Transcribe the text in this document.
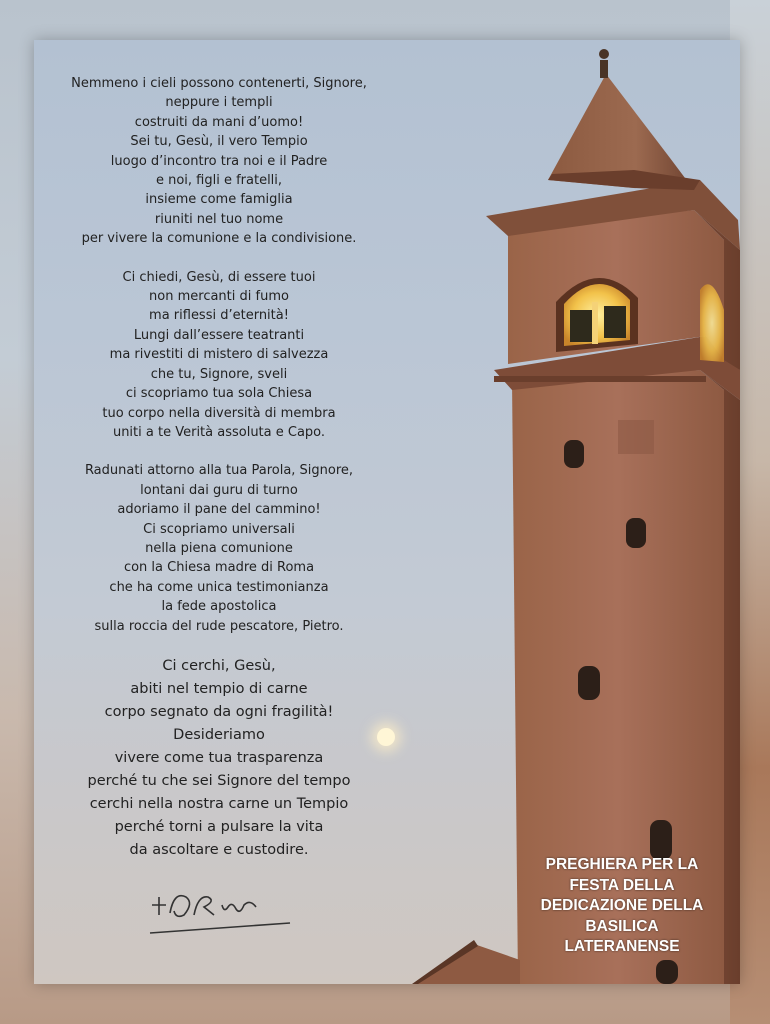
Nemmeno i cieli possono contenerti, Signore,
neppure i templi
costruiti da mani d’uomo!
Sei tu, Gesù, il vero Tempio
luogo d’incontro tra noi e il Padre
e noi, figli e fratelli,
insieme come famiglia
riuniti nel tuo nome
per vivere la comunione e la condivisione.
Ci chiedi, Gesù, di essere tuoi
non mercanti di fumo
ma riflessi d’eternità!
Lungi dall’essere teatranti
ma rivestiti di mistero di salvezza
che tu, Signore, sveli
ci scopriamo tua sola Chiesa
tuo corpo nella diversità di membra
uniti a te Verità assoluta e Capo.
Radunati attorno alla tua Parola, Signore,
lontani dai guru di turno
adoriamo il pane del cammino!
Ci scopriamo universali
nella piena comunione
con la Chiesa madre di Roma
che ha come unica testimonianza
la fede apostolica
sulla roccia del rude pescatore, Pietro.
Ci cerchi, Gesù,
abiti nel tempio di carne
corpo segnato da ogni fragilità!
Desideriamo
vivere come tua trasparenza
perché tu che sei Signore del tempo
cerchi nella nostra carne un Tempio
perché torni a pulsare la vita
da ascoltare e custodire.
PREGHIERA PER LA
FESTA DELLA
DEDICAZIONE DELLA
BASILICA
LATERANENSE
